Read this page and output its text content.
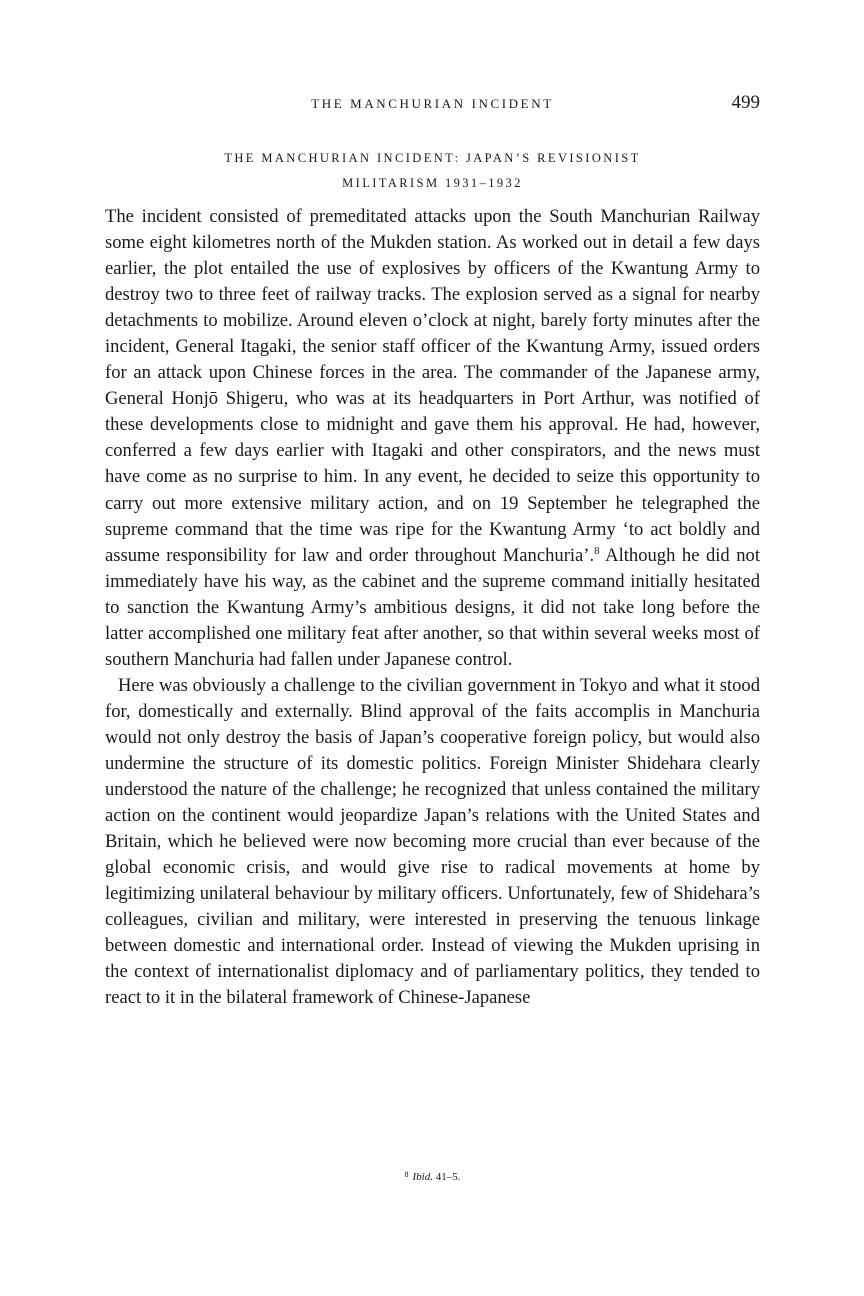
THE MANCHURIAN INCIDENT	499
THE MANCHURIAN INCIDENT: JAPAN’S REVISIONIST
MILITARISM 1931–1932

The incident consisted of premeditated attacks upon the South Manchurian Railway some eight kilometres north of the Mukden station. As worked out in detail a few days earlier, the plot entailed the use of explosives by officers of the Kwantung Army to destroy two to three feet of railway tracks. The explosion served as a signal for nearby detachments to mobilize. Around eleven o’clock at night, barely forty minutes after the incident, General Itagaki, the senior staff officer of the Kwantung Army, issued orders for an attack upon Chinese forces in the area. The commander of the Japanese army, General Honjō Shigeru, who was at its headquarters in Port Arthur, was notified of these developments close to midnight and gave them his approval. He had, however, conferred a few days earlier with Itagaki and other conspirators, and the news must have come as no surprise to him. In any event, he decided to seize this opportunity to carry out more extensive military action, and on 19 September he telegraphed the supreme command that the time was ripe for the Kwantung Army ‘to act boldly and assume responsibility for law and order throughout Manchuria’.$^8$ Although he did not immediately have his way, as the cabinet and the supreme command initially hesitated to sanction the Kwantung Army’s ambitious designs, it did not take long before the latter accomplished one military feat after another, so that within several weeks most of southern Manchuria had fallen under Japanese control.

Here was obviously a challenge to the civilian government in Tokyo and what it stood for, domestically and externally. Blind approval of the faits accomplis in Manchuria would not only destroy the basis of Japan’s cooperative foreign policy, but would also undermine the structure of its domestic politics. Foreign Minister Shidehara clearly understood the nature of the challenge; he recognized that unless contained the military action on the continent would jeopardize Japan’s relations with the United States and Britain, which he believed were now becoming more crucial than ever because of the global economic crisis, and would give rise to radical movements at home by legitimizing unilateral behaviour by military officers. Unfortunately, few of Shidehara’s colleagues, civilian and military, were interested in preserving the tenuous linkage between domestic and international order. Instead of viewing the Mukden uprising in the context of internationalist diplomacy and of parliamentary politics, they tended to react to it in the bilateral framework of Chinese-Japanese

$^8$ Ibid. 41–5.
